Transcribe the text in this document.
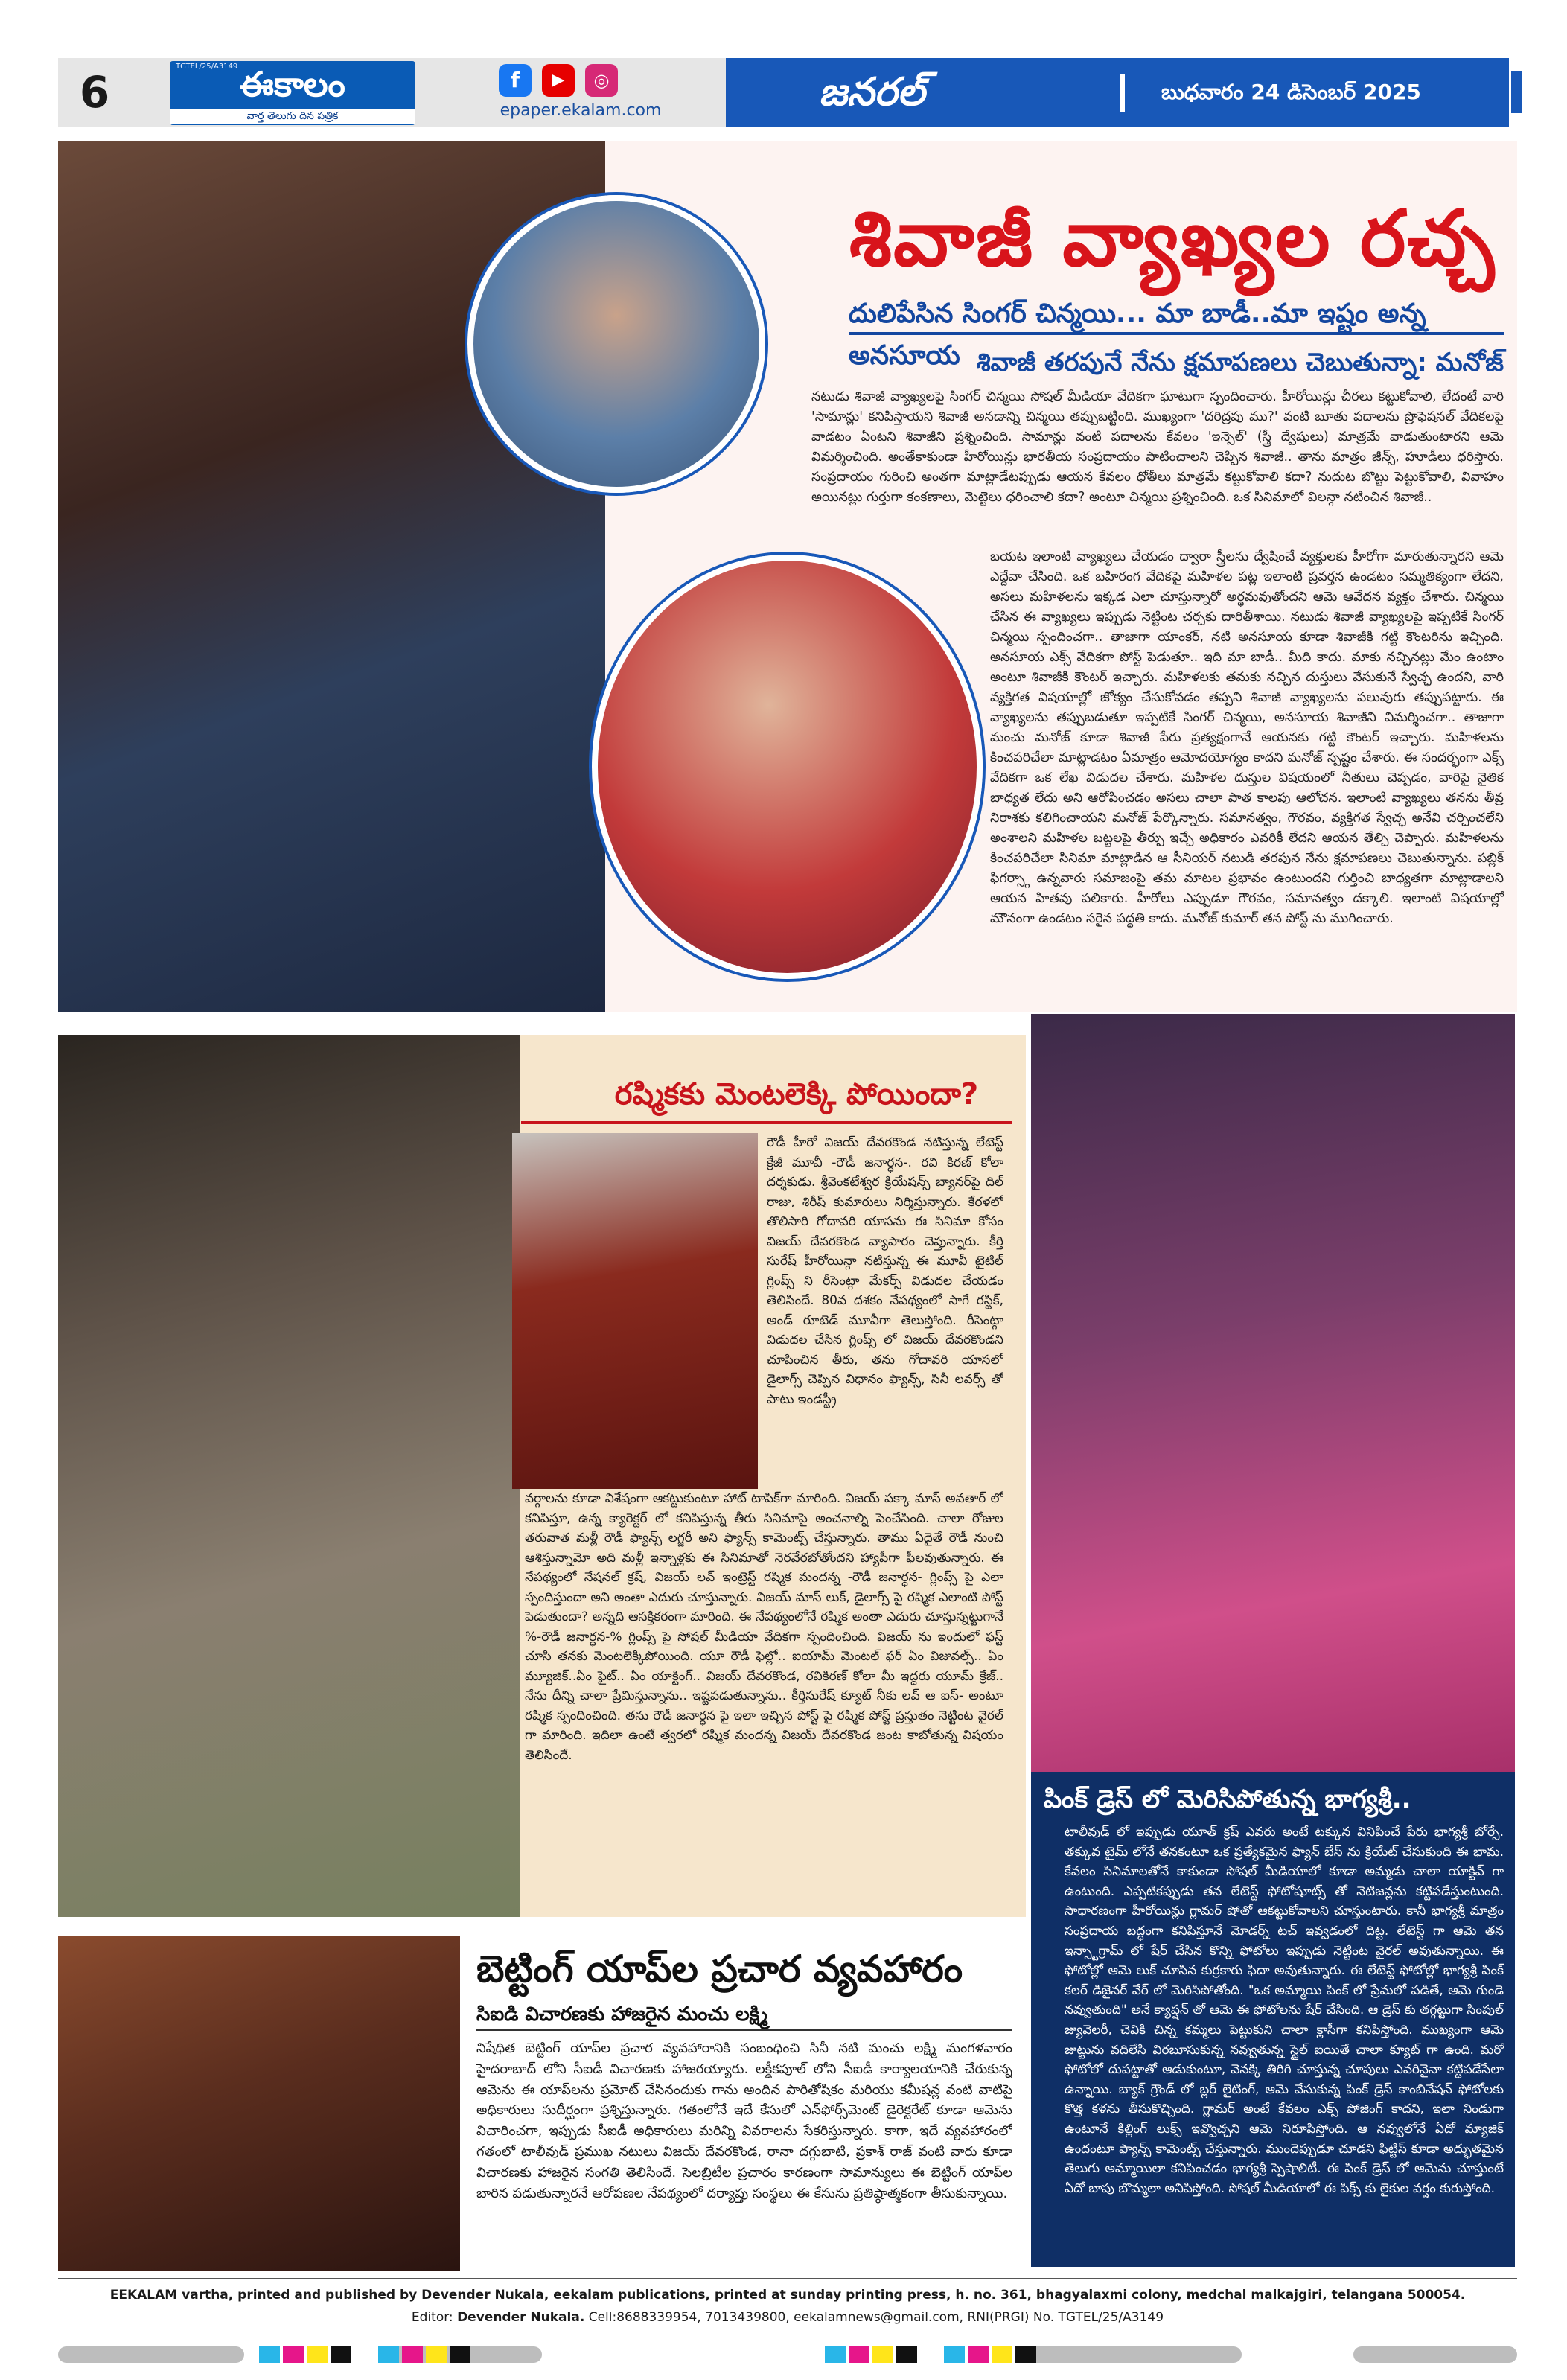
6
TGTEL/25/A3149 ఈకాలం
వార్త తెలుగు దిన పత్రిక
f	▶	◎
epaper.ekalam.com	జనరల్	బుధవారం 24 డిసెంబర్ 2025
శివాజీ వ్యాఖ్యల రచ్చ
దులిపేసిన సింగర్ చిన్మయి... మా బాడీ..మా ఇష్టం అన్న అనసూయ శివాజీ తరపునే నేను క్షమాపణలు చెబుతున్నా: మనోజ్
నటుడు శివాజీ వ్యాఖ్యలపై సింగర్ చిన్మయి సోషల్ మీడియా వేదికగా ఘాటుగా స్పందించారు. హీరోయిన్లు చీరలు కట్టుకోవాలి, లేదంటే వారి 'సామాన్లు' కనిపిస్తాయని శివాజీ అనడాన్ని చిన్మయి తప్పుబట్టింది. ముఖ్యంగా 'దరిద్రపు ము?' వంటి బూతు పదాలను ప్రొఫెషనల్ వేదికలపై వాడటం ఏంటని శివాజీని ప్రశ్నించింది. సామాన్లు వంటి పదాలను కేవలం 'ఇన్సెల్' (స్త్రీ ద్వేషులు) మాత్రమే వాడుతుంటారని ఆమె విమర్శించింది. అంతేకాకుండా హీరోయిన్లు భారతీయ సంప్రదాయం పాటించాలని చెప్పిన శివాజీ.. తాను మాత్రం జీన్స్, హూడీలు ధరిస్తారు. సంప్రదాయం గురించి అంతగా మాట్లాడేటప్పుడు ఆయన కేవలం ధోతీలు మాత్రమే కట్టుకోవాలి కదా? నుదుట బొట్టు పెట్టుకోవాలి, వివాహం అయినట్లు గుర్తుగా కంకణాలు, మెట్టెలు ధరించాలి కదా? అంటూ చిన్మయి ప్రశ్నించింది. ఒక సినిమాలో విలన్గా నటించిన శివాజీ..
బయట ఇలాంటి వ్యాఖ్యలు చేయడం ద్వారా స్త్రీలను ద్వేషించే వ్యక్తులకు హీరోగా మారుతున్నారని ఆమె ఎద్దేవా చేసింది. ఒక బహిరంగ వేదికపై మహిళల పట్ల ఇలాంటి ప్రవర్తన ఉండటం సమ్మతిక్యంగా లేదని, అసలు మహిళలను ఇక్కడ ఎలా చూస్తున్నారో అర్థమవుతోందని ఆమె ఆవేదన వ్యక్తం చేశారు. చిన్మయి చేసిన ఈ వ్యాఖ్యలు ఇప్పుడు నెట్టింట చర్చకు దారితీశాయి. నటుడు శివాజీ వ్యాఖ్యలపై ఇప్పటికే సింగర్ చిన్మయి స్పందించగా.. తాజాగా యాంకర్, నటి అనసూయ కూడా శివాజీకి గట్టి కౌంటరిను ఇచ్చింది. అనసూయ ఎక్స్ వేదికగా పోస్ట్ పెడుతూ.. ఇది మా బాడీ.. మీది కాదు. మాకు నచ్చినట్లు మేం ఉంటాం అంటూ శివాజీకి కౌంటర్ ఇచ్చారు. మహిళలకు తమకు నచ్చిన దుస్తులు వేసుకునే స్వేచ్ఛ ఉందని, వారి వ్యక్తిగత విషయాల్లో జోక్యం చేసుకోవడం తప్పని శివాజీ వ్యాఖ్యలను పలువురు తప్పుపట్టారు. ఈ వ్యాఖ్యలను తప్పుబడుతూ ఇప్పటికే సింగర్ చిన్మయి, అనసూయ శివాజీని విమర్శించగా.. తాజాగా మంచు మనోజ్ కూడా శివాజీ పేరు ప్రత్యక్షంగానే ఆయనకు గట్టి కౌంటర్ ఇచ్చారు. మహిళలను కించపరిచేలా మాట్లాడటం ఏమాత్రం ఆమోదయోగ్యం కాదని మనోజ్ స్పష్టం చేశారు. ఈ సందర్భంగా ఎక్స్ వేదికగా ఒక లేఖ విడుదల చేశారు. మహిళల దుస్తుల విషయంలో నీతులు చెప్పడం, వారిపై నైతిక బాధ్యత లేదు అని ఆరోపించడం అసలు చాలా పాత కాలపు ఆలోచన. ఇలాంటి వ్యాఖ్యలు తనను తీవ్ర నిరాశకు కలిగించాయని మనోజ్ పేర్కొన్నారు. సమానత్వం, గౌరవం, వ్యక్తిగత స్వేచ్ఛ అనేవి చర్చించలేని అంశాలని మహిళల బట్టలపై తీర్పు ఇచ్చే అధికారం ఎవరికీ లేదని ఆయన తేల్చి చెప్పారు. మహిళలను కించపరిచేలా సినిమా మాట్లాడిన ఆ సీనియర్ నటుడి తరపున నేను క్షమాపణలు చెబుతున్నాను. పబ్లిక్ ఫిగర్స్గా ఉన్నవారు సమాజంపై తమ మాటల ప్రభావం ఉంటుందని గుర్తించి బాధ్యతగా మాట్లాడాలని ఆయన హితవు పలికారు. హీరోలు ఎప్పుడూ గౌరవం, సమానత్వం దక్కాలి. ఇలాంటి విషయాల్లో మౌనంగా ఉండటం సరైన పద్ధతి కాదు. మనోజ్ కుమార్ తన పోస్ట్ ను ముగించారు.
రష్మికకు మెంటలెక్కి పోయిందా?
రౌడీ హీరో విజయ్ దేవరకొండ నటిస్తున్న లేటెస్ట్ క్రేజీ మూవీ -రౌడీ జనార్ధన-. రవి కిరణ్ కోలా దర్శకుడు. శ్రీవెంకటేశ్వర క్రియేషన్స్ బ్యానర్‌పై దిల్ రాజు, శిరీష్ కుమారులు నిర్మిస్తున్నారు. కేరళలో తొలిసారి గోదావరి యాసను ఈ సినిమా కోసం విజయ్ దేవరకొండ వ్యాపారం చెప్తున్నారు. కీర్తి సురేష్ హీరోయిన్గా నటిస్తున్న ఈ మూవీ టైటిల్ గ్లింప్స్ ని రీసెంట్గా మేకర్స్ విడుదల చేయడం తెలిసిందే. 80వ దశకం నేపథ్యంలో సాగే రస్టిక్, అండ్ రూటెడ్ మూవీగా తెలుస్తోంది. రీసెంట్గా విడుదల చేసిన గ్లింప్స్ లో విజయ్ దేవరకొండని చూపించిన తీరు, తను గోదావరి యాసలో డైలాగ్స్ చెప్పిన విధానం ఫ్యాన్స్, సినీ లవర్స్ తో పాటు ఇండస్ట్రీ
వర్గాలను కూడా విశేషంగా ఆకట్టుకుంటూ హాట్ టాపిక్‌గా మారింది. విజయ్ పక్కా మాస్ అవతార్ లో కనిపిస్తూ, ఉన్న క్యారెక్టర్ లో కనిపిస్తున్న తీరు సినిమాపై అంచనాల్ని పెంచేసింది. చాలా రోజుల తరువాత మళ్లీ రౌడీ ఫ్యాన్స్ లగ్జరీ అని ఫ్యాన్స్ కామెంట్స్ చేస్తున్నారు. తాము ఏదైతే రౌడీ నుంచి ఆశిస్తున్నామో అది మళ్లీ ఇన్నాళ్లకు ఈ సినిమాతో నెరవేరబోతోందని హ్యాపీగా ఫీలవుతున్నారు. ఈ నేపథ్యంలో నేషనల్ క్రష్, విజయ్ లవ్ ఇంట్రెస్ట్ రష్మిక మందన్న -రౌడీ జనార్ధన- గ్లింప్స్ పై ఎలా స్పందిస్తుందా అని అంతా ఎదురు చూస్తున్నారు. విజయ్ మాస్ లుక్, డైలాగ్స్ పై రష్మిక ఎలాంటి పోస్ట్ పెడుతుందా? అన్నది ఆసక్తికరంగా మారింది. ఈ నేపథ్యంలోనే రష్మిక అంతా ఎదురు చూస్తున్నట్టుగానే %-రౌడీ జనార్ధన-% గ్లింప్స్ పై సోషల్ మీడియా వేదికగా స్పందించింది. విజయ్ ను ఇందులో ఫస్ట్ చూసి తనకు మెంటలెక్కిపోయింది. యూ రౌడీ ఫెల్లో.. ఐయామ్ మెంటల్ ఫర్ ఏం విజువల్స్.. ఏం మ్యూజిక్..ఏం ఫైట్.. ఏం యాక్టింగ్.. విజయ్ దేవరకొండ, రవికిరణ్ కోలా మీ ఇద్దరు యూమ్ క్రేజ్.. నేను దీన్ని చాలా ప్రేమిస్తున్నాను.. ఇష్టపడుతున్నాను.. కీర్తిసురేష్ క్యూట్ నీకు లవ్ ఆ ఐస్- అంటూ రష్మిక స్పందించింది. తను రౌడీ జనార్ధన పై ఇలా ఇచ్చిన పోస్ట్ పై రష్మిక పోస్ట్ ప్రస్తుతం నెట్టింట వైరల్ గా మారింది. ఇదిలా ఉంటే త్వరలో రష్మిక మందన్న విజయ్ దేవరకొండ జంట కాబోతున్న విషయం తెలిసిందే.
పింక్ డ్రెస్ లో మెరిసిపోతున్న భాగ్యశ్రీ..
టాలీవుడ్ లో ఇప్పుడు యూత్ క్రష్ ఎవరు అంటే టక్కున వినిపించే పేరు భాగ్యశ్రీ బోర్సే. తక్కువ టైమ్ లోనే తనకంటూ ఒక ప్రత్యేకమైన ఫ్యాన్ బేస్ ను క్రియేట్ చేసుకుంది ఈ భామ. కేవలం సినిమాలతోనే కాకుండా సోషల్ మీడియాలో కూడా అమ్మడు చాలా యాక్టివ్ గా ఉంటుంది. ఎప్పటికప్పుడు తన లేటెస్ట్ ఫోటోషూట్స్ తో నెటిజన్లను కట్టిపడేస్తుంటుంది. సాధారణంగా హీరోయిన్లు గ్లామర్ షోతో ఆకట్టుకోవాలని చూస్తుంటారు. కానీ భాగ్యశ్రీ మాత్రం సంప్రదాయ బద్ధంగా కనిపిస్తూనే మోడర్న్ టచ్ ఇవ్వడంలో దిట్ట. లేటెస్ట్ గా ఆమె తన ఇన్స్టాగ్రామ్ లో షేర్ చేసిన కొన్ని ఫోటోలు ఇప్పుడు నెట్టింట వైరల్ అవుతున్నాయి. ఈ ఫోటోల్లో ఆమె లుక్ చూసిన కుర్రకారు ఫిదా అవుతున్నారు. ఈ లేటెస్ట్ ఫోటోల్లో భాగ్యశ్రీ పింక్ కలర్ డిజైనర్ వేర్ లో మెరిసిపోతోంది. "ఒక అమ్మాయి పింక్ లో ప్రేమలో పడితే, ఆమె గుండె నవ్వుతుంది" అనే క్యాప్షన్ తో ఆమె ఈ ఫోటోలను షేర్ చేసింది. ఆ డ్రెస్ కు తగ్గట్టుగా సింపుల్ జ్యువెలరీ, చెవికి చిన్న కమ్మలు పెట్టుకుని చాలా క్లాసీగా కనిపిస్తోంది. ముఖ్యంగా ఆమె జుట్టును వదిలేసి విరబూసుకున్న నవ్వుతున్న స్టైల్ ఐయితే చాలా క్యూట్ గా ఉంది. మరో ఫోటోలో దుపట్టాతో ఆడుకుంటూ, వెనక్కి తిరిగి చూస్తున్న చూపులు ఎవరినైనా కట్టిపడేసేలా ఉన్నాయి. బ్యాక్ గ్రౌండ్ లో బ్లర్ లైటింగ్, ఆమె వేసుకున్న పింక్ డ్రెస్ కాంబినేషన్ ఫోటోలకు కొత్త కళను తీసుకొచ్చింది. గ్లామర్ అంటే కేవలం ఎక్స్ పోజింగ్ కాదని, ఇలా నిండుగా ఉంటూనే కిల్లింగ్ లుక్స్ ఇవ్వొచ్చని ఆమె నిరూపిస్తోంది. ఆ నవ్వులోనే ఏదో మ్యాజిక్ ఉందంటూ ఫ్యాన్స్ కామెంట్స్ చేస్తున్నారు. ముందెప్పుడూ చూడని ఫిట్టిస్ కూడా అద్భుతమైన తెలుగు అమ్మాయిలా కనిపించడం భాగ్యశ్రీ స్పెషాలిటీ. ఈ పింక్ డ్రెస్ లో ఆమెను చూస్తుంటే ఏదో బాపు బొమ్మలా అనిపిస్తోంది. సోషల్ మీడియాలో ఈ పిక్స్ కు లైకుల వర్షం కురుస్తోంది.
బెట్టింగ్ యాప్‌ల ప్రచార వ్యవహారం
సిఐడి విచారణకు హాజరైన మంచు లక్ష్మి
నిషేధిత బెట్టింగ్ యాప్‌ల ప్రచార వ్యవహారానికి సంబంధించి సినీ నటి మంచు లక్ష్మి మంగళవారం హైదరాబాద్ లోని సీఐడీ విచారణకు హాజరయ్యారు. లక్డీకపూల్ లోని సీఐడీ కార్యాలయానికి చేరుకున్న ఆమెను ఈ యాప్‌లను ప్రమోట్ చేసినందుకు గాను అందిన పారితోషికం మరియు కమీషన్ల వంటి వాటిపై అధికారులు సుదీర్ఘంగా ప్రశ్నిస్తున్నారు. గతంలోనే ఇదే కేసులో ఎన్‌ఫోర్స్‌మెంట్ డైరెక్టరేట్ కూడా ఆమెను విచారించగా, ఇప్పుడు సీఐడీ అధికారులు మరిన్ని వివరాలను సేకరిస్తున్నారు. కాగా, ఇదే వ్యవహారంలో గతంలో టాలీవుడ్ ప్రముఖ నటులు విజయ్ దేవరకొండ, రానా దగ్గుబాటి, ప్రకాశ్ రాజ్ వంటి వారు కూడా విచారణకు హాజరైన సంగతి తెలిసిందే. సెలబ్రిటీల ప్రచారం కారణంగా సామాన్యులు ఈ బెట్టింగ్ యాప్‌ల బారిన పడుతున్నారనే ఆరోపణల నేపథ్యంలో దర్యాప్తు సంస్థలు ఈ కేసును ప్రతిష్ఠాత్మకంగా తీసుకున్నాయి.
EEKALAM vartha, printed and published by Devender Nukala, eekalam publications, printed at sunday printing press, h. no. 361, bhagyalaxmi colony, medchal malkajgiri, telangana 500054.
Editor: Devender Nukala. Cell:8688339954, 7013439800, eekalamnews@gmail.com, RNI(PRGI) No. TGTEL/25/A3149
